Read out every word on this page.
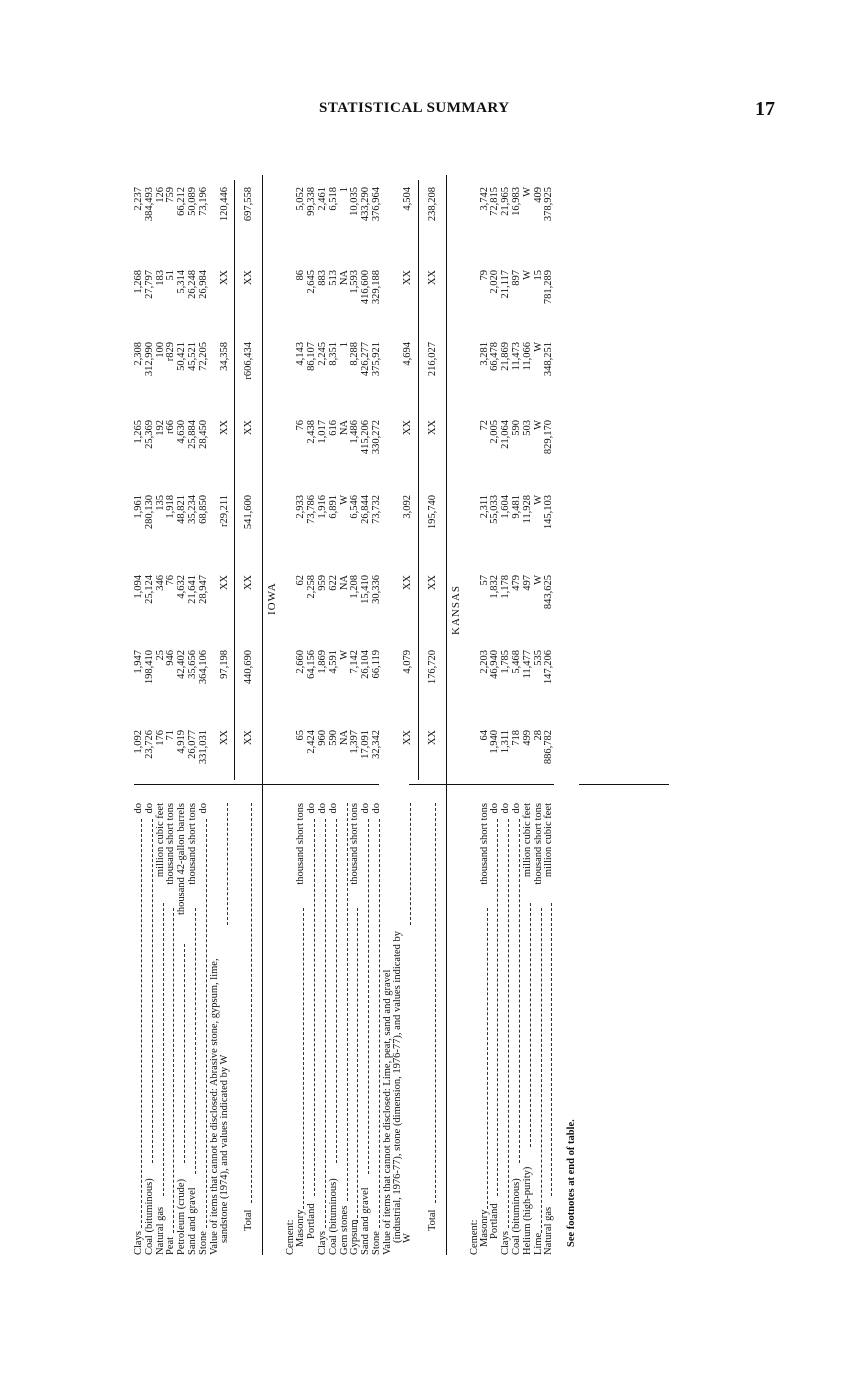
STATISTICAL SUMMARY	17
Clays
do
1,092
1,947
1,094
1,961
1,265
2,308
1,268
2,237
Coal (bituminous)
do
23,726
198,410
25,124
280,130
25,369
312,990
27,797
384,493
Natural gas
million cubic feet
176
25
346
135
192
100
183
126
Peat
thousand short tons
71
946
76
1,918
r66
r829
51
759
Petroleum (crude)
thousand 42-gallon barrels
4,919
42,402
4,632
48,821
4,630
50,421
5,314
66,212
Sand and gravel
thousand short tons
26,077
35,656
21,641
35,234
25,884
45,521
26,248
50,089
Stone
do
331,031
364,106
28,947
68,850
28,450
72,205
26,984
73,196
Value of items that cannot be disclosed: Abrasive stone, gypsum, lime, sandstone (1974), and values indicated by W
XX
97,198
XX
r29,211
XX
34,358
XX
120,446
Total
XX
440,690
XX
541,600
XX
r606,434
XX
697,558
IOWA
Cement: Masonry
thousand short tons
65
2,660
62
2,933
76
4,143
86
5,052
Portland
do
2,424
64,156
2,258
73,786
2,438
86,107
2,645
99,338
Clays
do
960
1,869
959
1,916
1,017
2,245
883
2,461
Coal (bituminous)
do
590
4,591
622
6,891
616
8,351
513
6,518
Gem stones
NA
W
NA
W
NA
1
NA
1
Gypsum
thousand short tons
1,397
7,142
1,208
6,546
1,486
8,288
1,593
10,035
Sand and gravel
do
17,091
26,104
15,410
26,844
415,206
426,277
416,600
433,290
Stone
do
32,342
66,119
30,336
73,732
330,272
375,921
329,188
376,964
Value of items that cannot be disclosed: Lime, peat, sand and gravel (industrial, 1976-77), stone (dimension, 1976-77), and values indicated by W
XX
4,079
XX
3,092
XX
4,694
XX
4,504
Total
XX
176,720
XX
195,740
XX
216,027
XX
238,208
KANSAS
Cement: Masonry
thousand short tons
64
2,203
57
2,311
72
3,281
79
3,742
Portland
do
1,940
46,940
1,832
55,033
2,005
66,478
2,020
72,815
Clays
do
1,311
1,785
1,178
1,604
21,064
21,869
21,117
21,965
Coal (bituminous)
do
718
5,468
479
9,481
590
11,473
897
16,983
Helium (high-purity)
million cubic feet
499
11,477
497
11,928
503
11,066
W
W
Lime
thousand short tons
28
535
W
W
W
W
15
409
Natural gas
million cubic feet
886,782
147,206
843,625
145,103
829,170
348,251
781,289
378,925
See footnotes at end of table.
